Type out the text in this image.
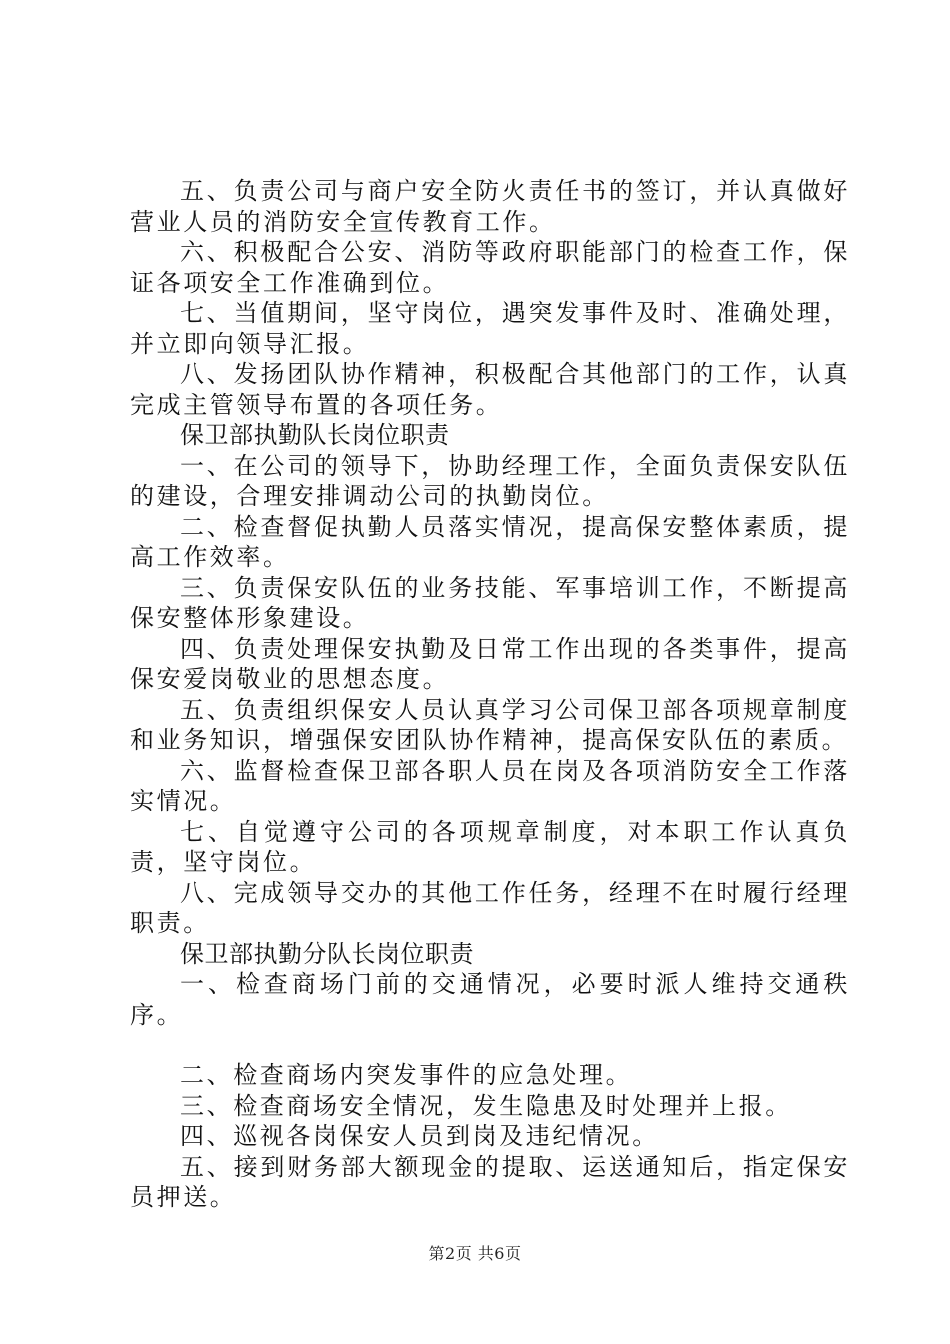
五、负责公司与商户安全防火责任书的签订，并认真做好营业人员的消防安全宣传教育工作。

六、积极配合公安、消防等政府职能部门的检查工作，保证各项安全工作准确到位。

七、当值期间，坚守岗位，遇突发事件及时、准确处理，并立即向领导汇报。

八、发扬团队协作精神，积极配合其他部门的工作，认真完成主管领导布置的各项任务。

保卫部执勤队长岗位职责

一、在公司的领导下，协助经理工作，全面负责保安队伍的建设，合理安排调动公司的执勤岗位。

二、检查督促执勤人员落实情况，提高保安整体素质，提高工作效率。

三、负责保安队伍的业务技能、军事培训工作，不断提高保安整体形象建设。

四、负责处理保安执勤及日常工作出现的各类事件，提高保安爱岗敬业的思想态度。

五、负责组织保安人员认真学习公司保卫部各项规章制度和业务知识，增强保安团队协作精神，提高保安队伍的素质。

六、监督检查保卫部各职人员在岗及各项消防安全工作落实情况。

七、自觉遵守公司的各项规章制度，对本职工作认真负责，坚守岗位。

八、完成领导交办的其他工作任务，经理不在时履行经理职责。

保卫部执勤分队长岗位职责

一、检查商场门前的交通情况，必要时派人维持交通秩序。

二、检查商场内突发事件的应急处理。

三、检查商场安全情况，发生隐患及时处理并上报。

四、巡视各岗保安人员到岗及违纪情况。

五、接到财务部大额现金的提取、运送通知后，指定保安员押送。

第2页 共6页
